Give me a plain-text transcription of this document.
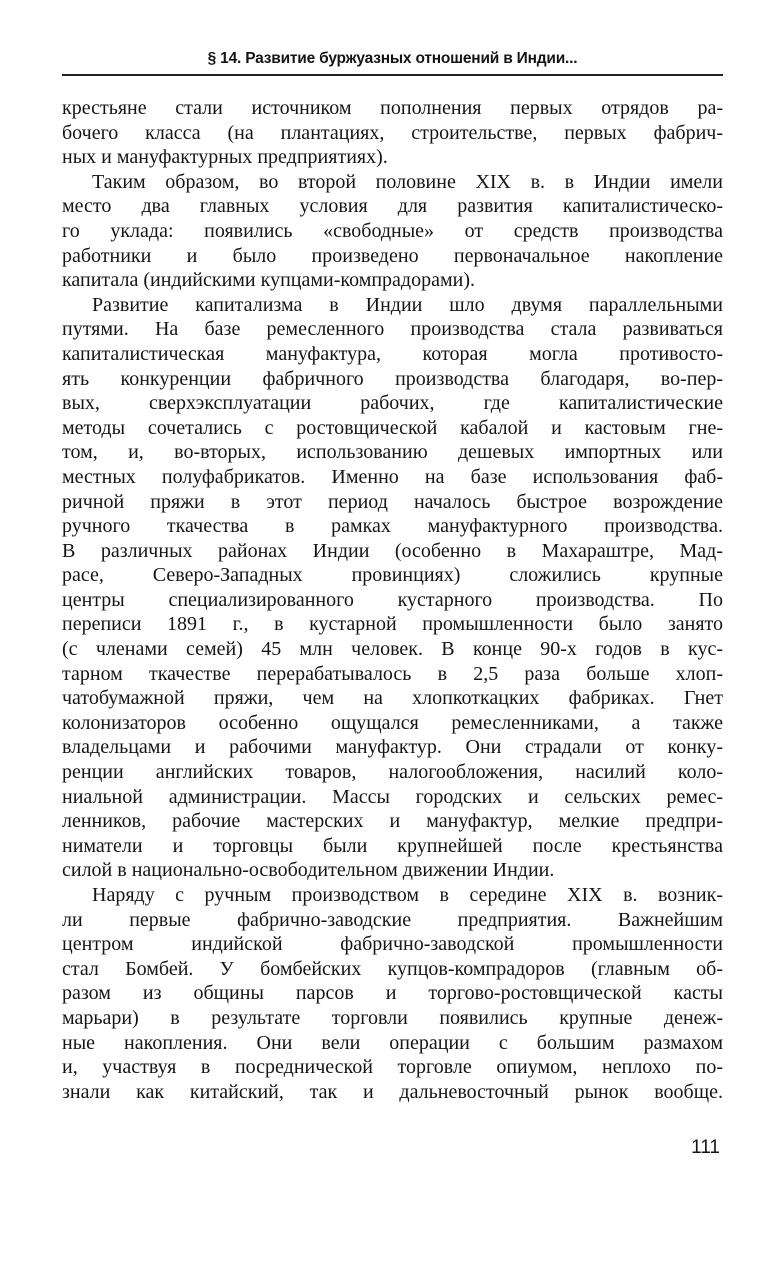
§ 14. Развитие буржуазных отношений в Индии...
крестьяне стали источником пополнения первых отрядов ра-
бочего класса (на плантациях, строительстве, первых фабрич-
ных и мануфактурных предприятиях).
Таким образом, во второй половине XIX в. в Индии имели
место два главных условия для развития капиталистическо-
го уклада: появились «свободные» от средств производства
работники и было произведено первоначальное накопление
капитала (индийскими купцами-компрадорами).
Развитие капитализма в Индии шло двумя параллельными
путями. На базе ремесленного производства стала развиваться
капиталистическая мануфактура, которая могла противосто-
ять конкуренции фабричного производства благодаря, во-пер-
вых, сверхэксплуатации рабочих, где капиталистические
методы сочетались с ростовщической кабалой и кастовым гне-
том, и, во-вторых, использованию дешевых импортных или
местных полуфабрикатов. Именно на базе использования фаб-
ричной пряжи в этот период началось быстрое возрождение
ручного ткачества в рамках мануфактурного производства.
В различных районах Индии (особенно в Махараштре, Мад-
расе, Северо-Западных провинциях) сложились крупные
центры специализированного кустарного производства. По
переписи 1891 г., в кустарной промышленности было занято
(с членами семей) 45 млн человек. В конце 90-х годов в кус-
тарном ткачестве перерабатывалось в 2,5 раза больше хлоп-
чатобумажной пряжи, чем на хлопкоткацких фабриках. Гнет
колонизаторов особенно ощущался ремесленниками, а также
владельцами и рабочими мануфактур. Они страдали от конку-
ренции английских товаров, налогообложения, насилий коло-
ниальной администрации. Массы городских и сельских ремес-
ленников, рабочие мастерских и мануфактур, мелкие предпри-
ниматели и торговцы были крупнейшей после крестьянства
силой в национально-освободительном движении Индии.
Наряду с ручным производством в середине XIX в. возник-
ли первые фабрично-заводские предприятия. Важнейшим
центром индийской фабрично-заводской промышленности
стал Бомбей. У бомбейских купцов-компрадоров (главным об-
разом из общины парсов и торгово-ростовщической касты
марьари) в результате торговли появились крупные денеж-
ные накопления. Они вели операции с большим размахом
и, участвуя в посреднической торговле опиумом, неплохо по-
знали как китайский, так и дальневосточный рынок вообще.
111
